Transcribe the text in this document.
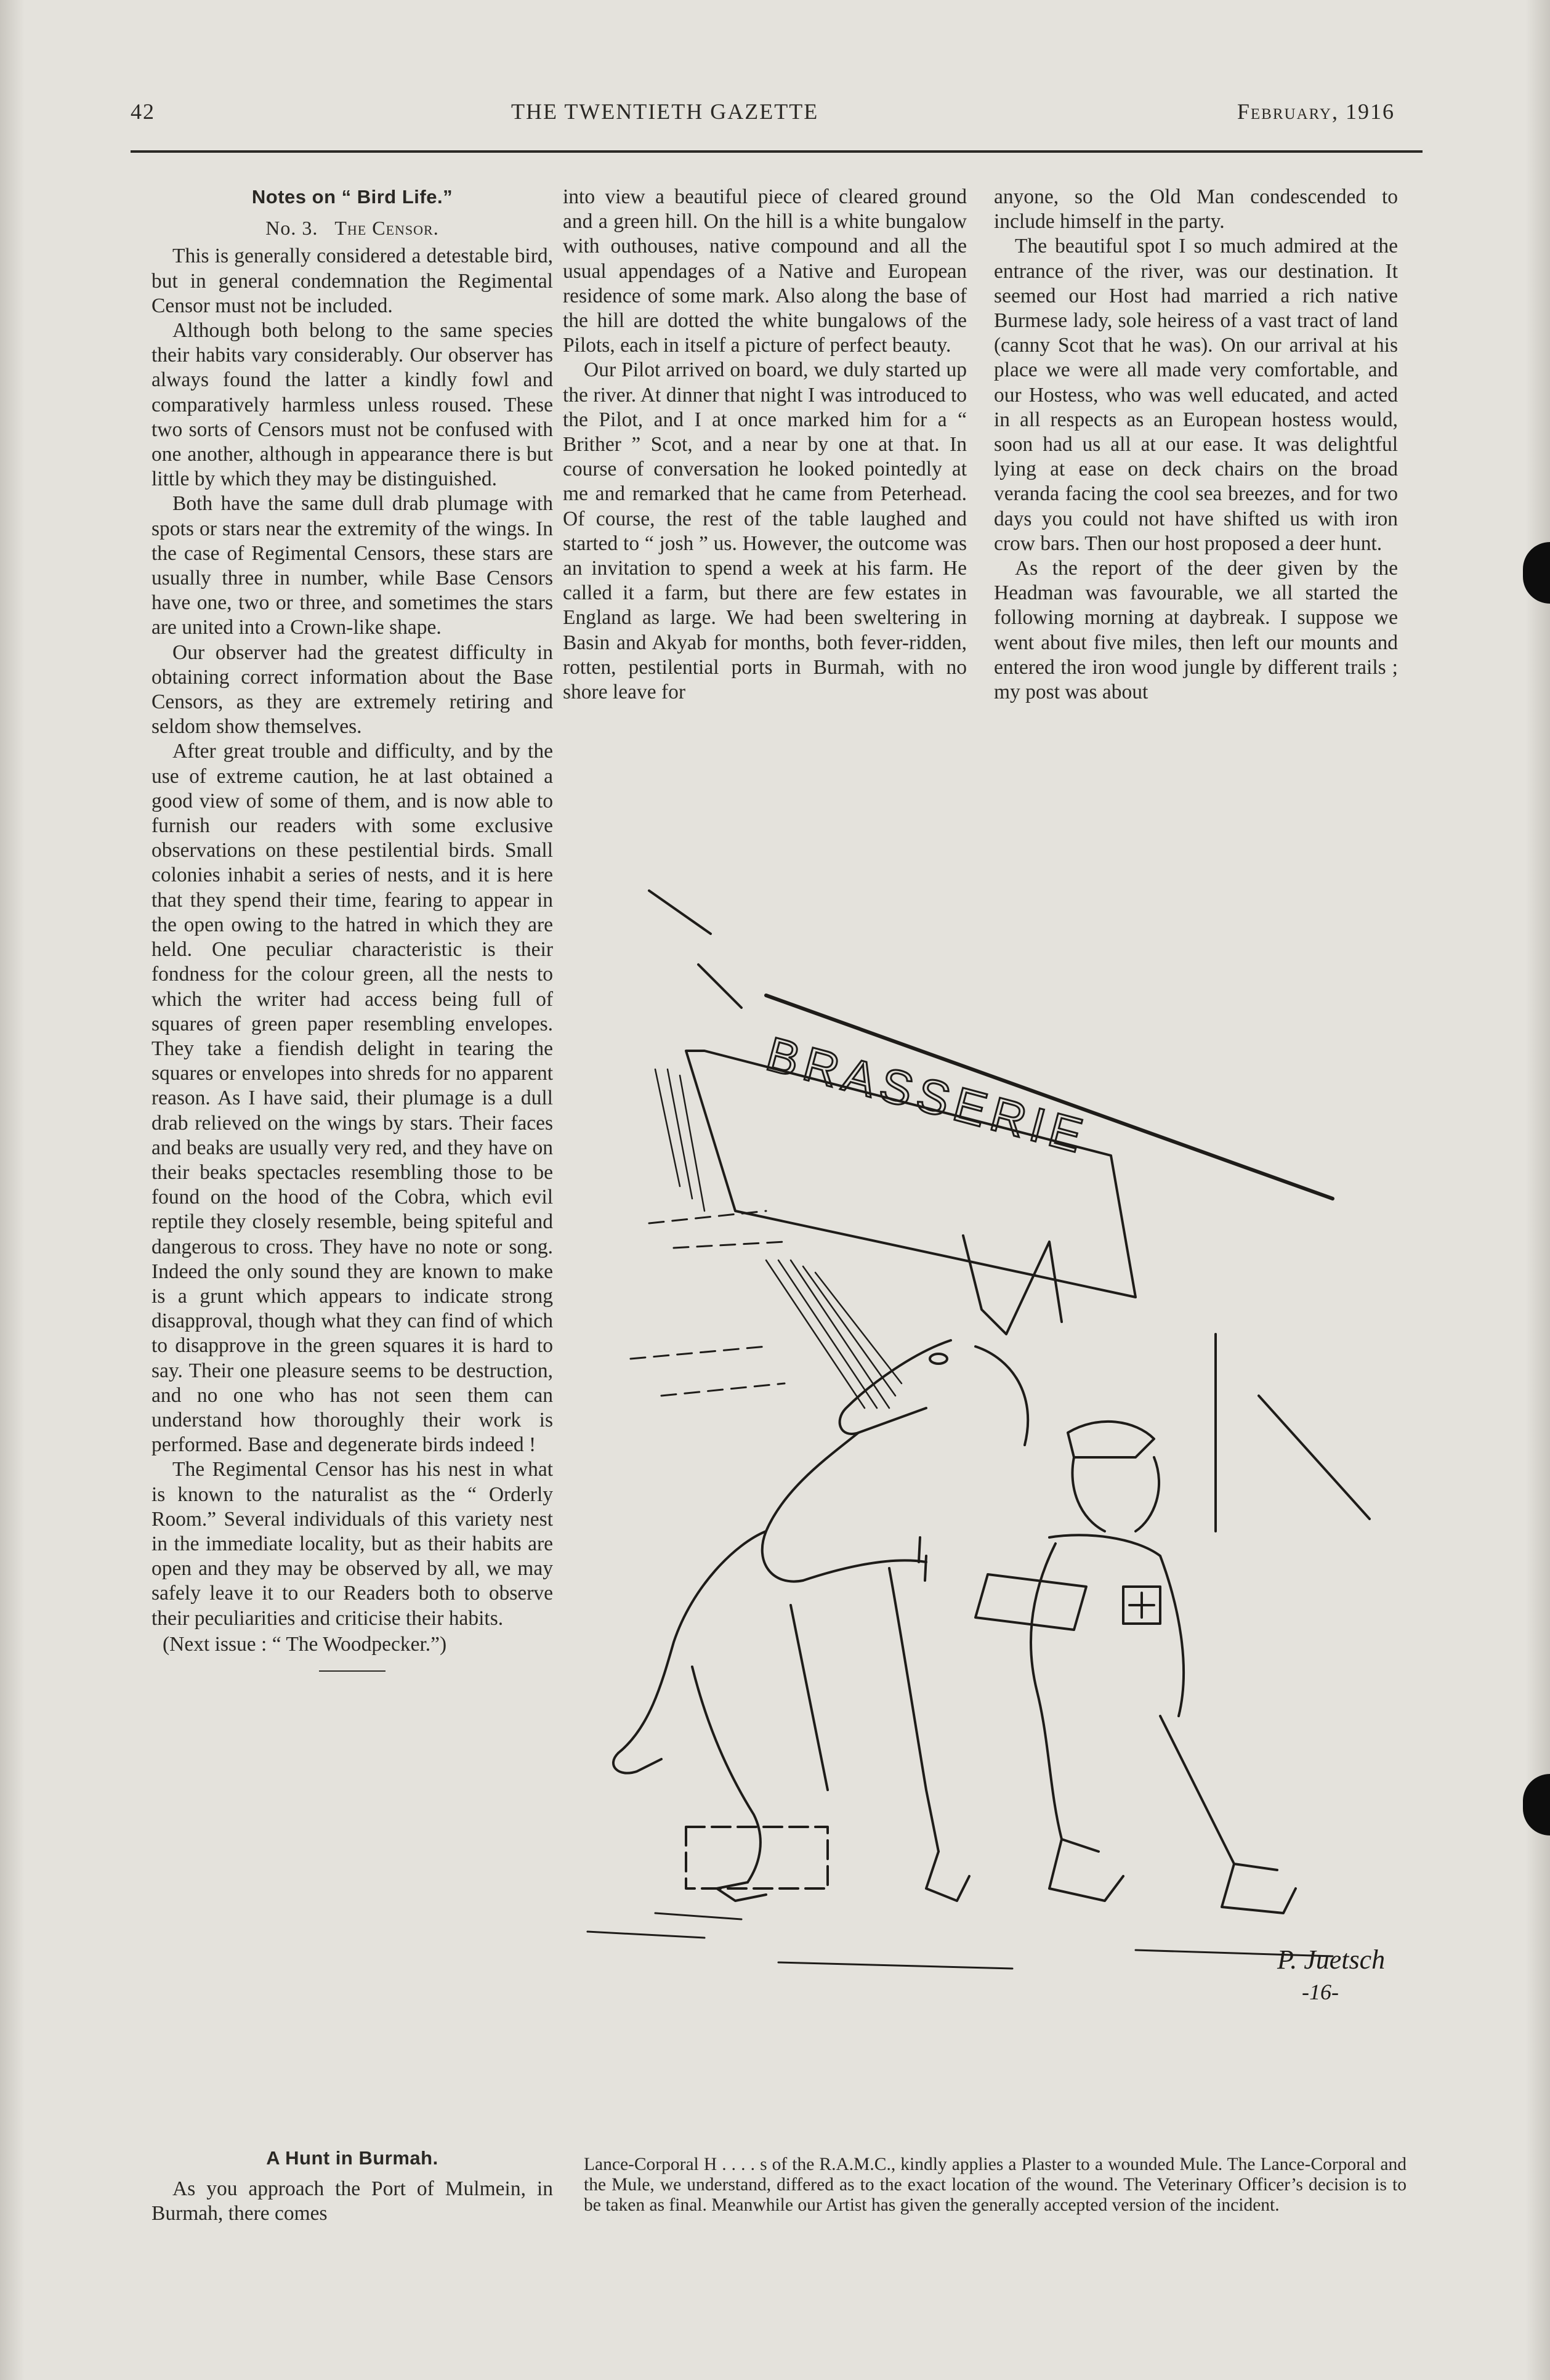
42	THE TWENTIETH GAZETTE	February, 1916
Notes on “ Bird Life.”
No. 3. The Censor.

This is generally considered a detestable bird, but in general condemnation the Regimental Censor must not be included.

Although both belong to the same species their habits vary considerably. Our observer has always found the latter a kindly fowl and comparatively harmless unless roused. These two sorts of Censors must not be confused with one another, although in appearance there is but little by which they may be distinguished.

Both have the same dull drab plumage with spots or stars near the extremity of the wings. In the case of Regimental Censors, these stars are usually three in number, while Base Censors have one, two or three, and sometimes the stars are united into a Crown-like shape.

Our observer had the greatest difficulty in obtaining correct information about the Base Censors, as they are extremely retiring and seldom show themselves.

After great trouble and difficulty, and by the use of extreme caution, he at last obtained a good view of some of them, and is now able to furnish our readers with some exclusive observations on these pestilential birds. Small colonies inhabit a series of nests, and it is here that they spend their time, fearing to appear in the open owing to the hatred in which they are held. One peculiar characteristic is their fondness for the colour green, all the nests to which the writer had access being full of squares of green paper resembling envelopes. They take a fiendish delight in tearing the squares or envelopes into shreds for no apparent reason. As I have said, their plumage is a dull drab relieved on the wings by stars. Their faces and beaks are usually very red, and they have on their beaks spectacles resembling those to be found on the hood of the Cobra, which evil reptile they closely resemble, being spiteful and dangerous to cross. They have no note or song. Indeed the only sound they are known to make is a grunt which appears to indicate strong disapproval, though what they can find of which to disapprove in the green squares it is hard to say. Their one pleasure seems to be destruction, and no one who has not seen them can understand how thoroughly their work is performed. Base and degenerate birds indeed !

The Regimental Censor has his nest in what is known to the naturalist as the “ Orderly Room.” Several individuals of this variety nest in the immediate locality, but as their habits are open and they may be observed by all, we may safely leave it to our Readers both to observe their peculiarities and criticise their habits.

(Next issue : “ The Woodpecker.”)

A Hunt in Burmah.

As you approach the Port of Mulmein, in Burmah, there comes

into view a beautiful piece of cleared ground and a green hill. On the hill is a white bungalow with outhouses, native compound and all the usual appendages of a Native and European residence of some mark. Also along the base of the hill are dotted the white bungalows of the Pilots, each in itself a picture of perfect beauty.

Our Pilot arrived on board, we duly started up the river. At dinner that night I was introduced to the Pilot, and I at once marked him for a “ Brither ” Scot, and a near by one at that. In course of conversation he looked pointedly at me and remarked that he came from Peterhead. Of course, the rest of the table laughed and started to “ josh ” us. However, the outcome was an invitation to spend a week at his farm. He called it a farm, but there are few estates in England as large. We had been sweltering in Basin and Akyab for months, both fever-ridden, rotten, pestilential ports in Burmah, with no shore leave for

anyone, so the Old Man condescended to include himself in the party.

The beautiful spot I so much admired at the entrance of the river, was our destination. It seemed our Host had married a rich native Burmese lady, sole heiress of a vast tract of land (canny Scot that he was). On our arrival at his place we were all made very comfortable, and our Hostess, who was well educated, and acted in all respects as an European hostess would, soon had us all at our ease. It was delightful lying at ease on deck chairs on the broad veranda facing the cool sea breezes, and for two days you could not have shifted us with iron crow bars. Then our host proposed a deer hunt.

As the report of the deer given by the Headman was favourable, we all started the following morning at daybreak. I suppose we went about five miles, then left our mounts and entered the iron wood jungle by different trails ; my post was about

BRASSERIE
P. Juetsch
-16-

Lance-Corporal H . . . . s of the R.A.M.C., kindly applies a Plaster to a wounded Mule. The Lance-Corporal and the Mule, we understand, differed as to the exact location of the wound. The Veterinary Officer’s decision is to be taken as final. Meanwhile our Artist has given the generally accepted version of the incident.
